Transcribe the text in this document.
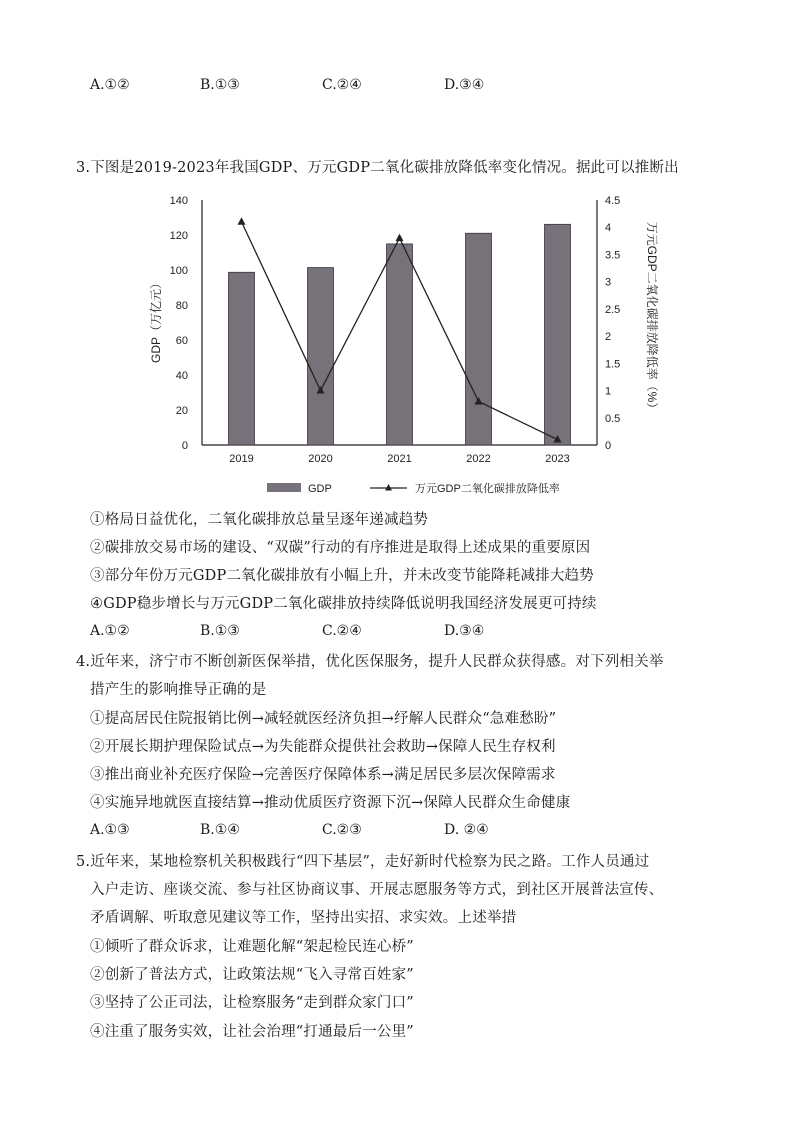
A.①②	B.①③	C.②④	D.③④
3.下图是2019-2023年我国GDP、万元GDP二氧化碳排放降低率变化情况。据此可以推断出
0
20
40
60
80
100
120
140
0
0.5
1
1.5
2
2.5
3
3.5
4
4.5
2019	2020	2021	2022	2023
GDP（万亿元）	万元GDP二氧化碳排放降低率（%）
GDP	万元GDP二氧化碳排放降低率
①格局日益优化，二氧化碳排放总量呈逐年递减趋势
②碳排放交易市场的建设、“双碳”行动的有序推进是取得上述成果的重要原因
③部分年份万元GDP二氧化碳排放有小幅上升，并未改变节能降耗减排大趋势
④GDP稳步增长与万元GDP二氧化碳排放持续降低说明我国经济发展更可持续
A.①②	B.①③	C.②④	D.③④
4.近年来，济宁市不断创新医保举措，优化医保服务，提升人民群众获得感。对下列相关举
措产生的影响推导正确的是
①提高居民住院报销比例→减轻就医经济负担→纾解人民群众“急难愁盼”
②开展长期护理保险试点→为失能群众提供社会救助→保障人民生存权利
③推出商业补充医疗保险→完善医疗保障体系→满足居民多层次保障需求
④实施异地就医直接结算→推动优质医疗资源下沉→保障人民群众生命健康
A.①③	B.①④	C.②③	D. ②④
5.近年来，某地检察机关积极践行“四下基层”，走好新时代检察为民之路。工作人员通过
入户走访、座谈交流、参与社区协商议事、开展志愿服务等方式，到社区开展普法宣传、
矛盾调解、听取意见建议等工作，坚持出实招、求实效。上述举措
①倾听了群众诉求，让难题化解“架起检民连心桥”
②创新了普法方式，让政策法规“飞入寻常百姓家”
③坚持了公正司法，让检察服务“走到群众家门口”
④注重了服务实效，让社会治理“打通最后一公里”
